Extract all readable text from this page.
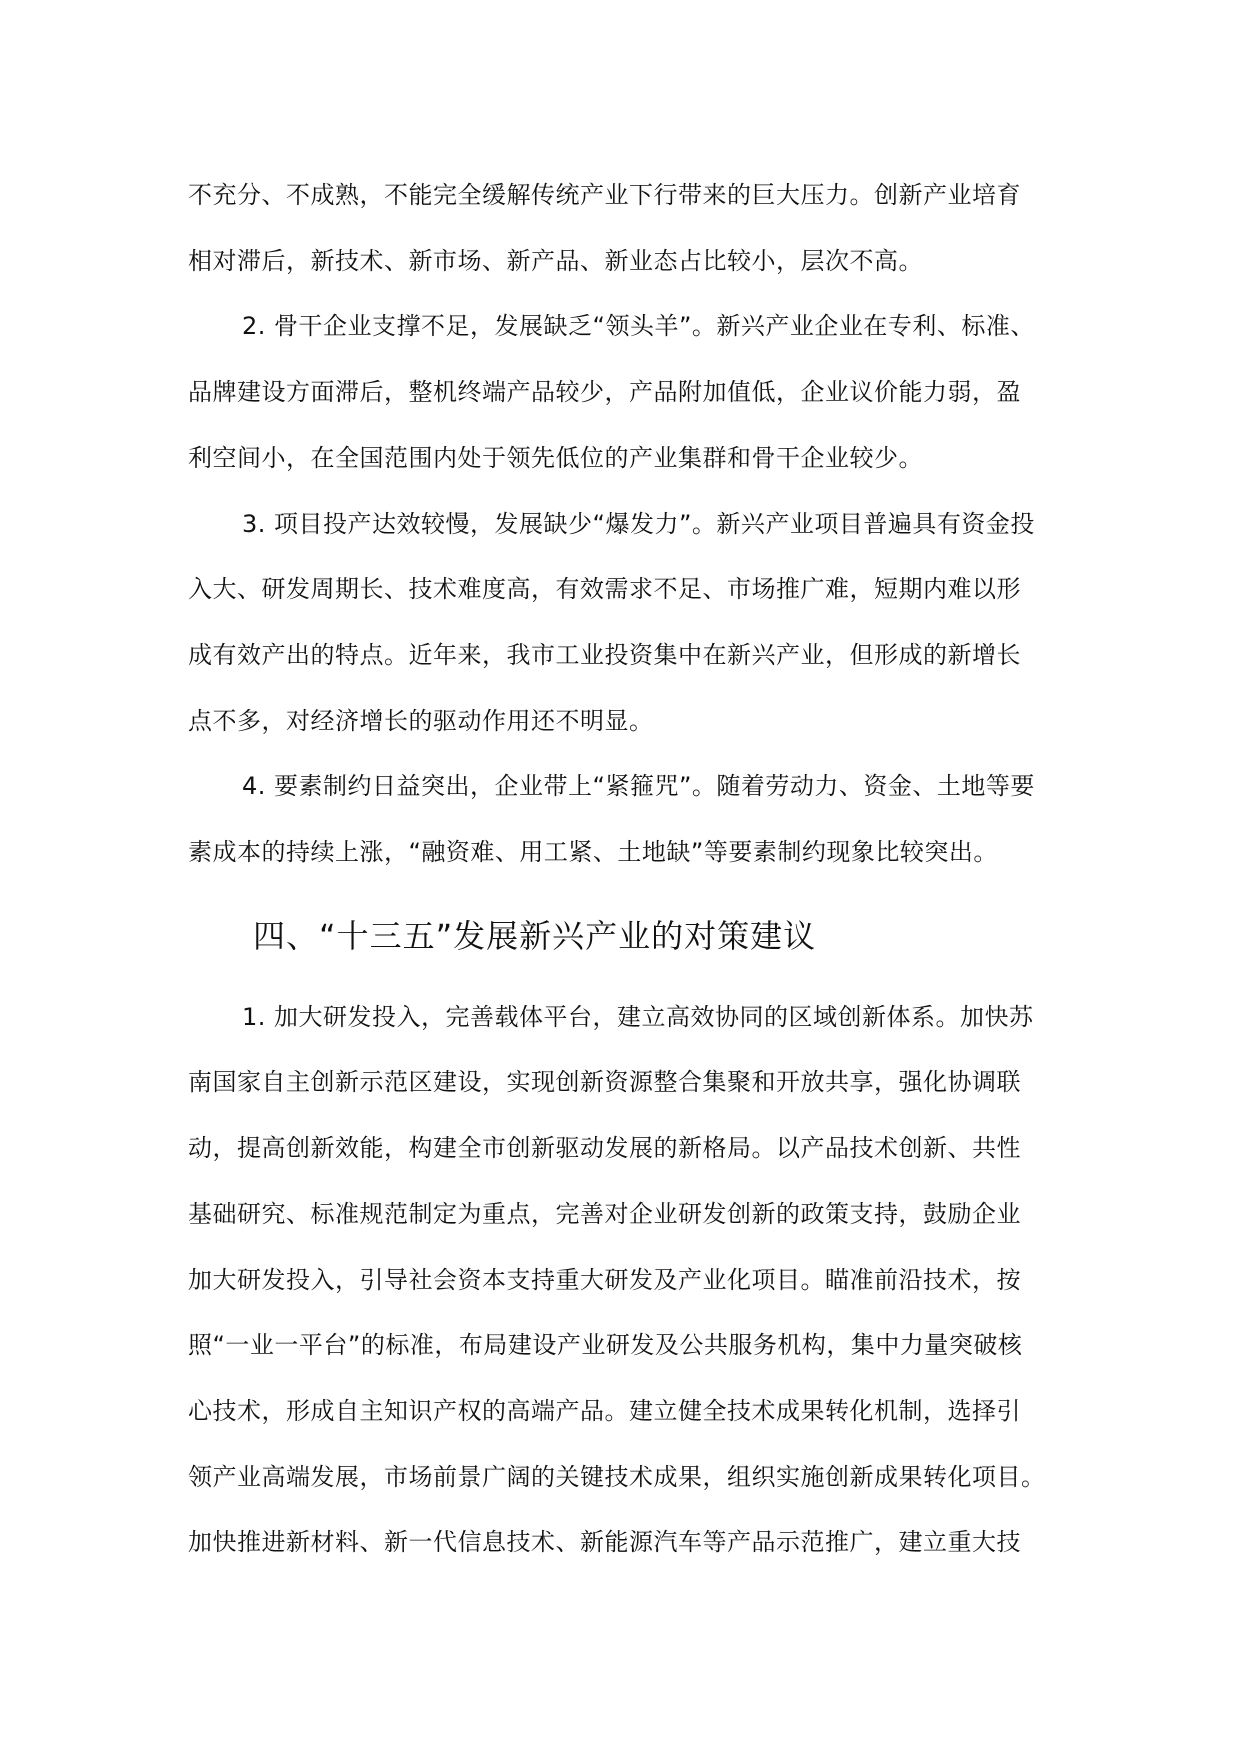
不充分、不成熟，不能完全缓解传统产业下行带来的巨大压力。创新产业培育

相对滞后，新技术、新市场、新产品、新业态占比较小，层次不高。

2. 骨干企业支撑不足，发展缺乏“领头羊”。新兴产业企业在专利、标准、

品牌建设方面滞后，整机终端产品较少，产品附加值低，企业议价能力弱，盈

利空间小，在全国范围内处于领先低位的产业集群和骨干企业较少。

3. 项目投产达效较慢，发展缺少“爆发力”。新兴产业项目普遍具有资金投

入大、研发周期长、技术难度高，有效需求不足、市场推广难，短期内难以形

成有效产出的特点。近年来，我市工业投资集中在新兴产业，但形成的新增长

点不多，对经济增长的驱动作用还不明显。

4. 要素制约日益突出，企业带上“紧箍咒”。随着劳动力、资金、土地等要

素成本的持续上涨，“融资难、用工紧、土地缺”等要素制约现象比较突出。

四、“十三五”发展新兴产业的对策建议

1. 加大研发投入，完善载体平台，建立高效协同的区域创新体系。加快苏

南国家自主创新示范区建设，实现创新资源整合集聚和开放共享，强化协调联

动，提高创新效能，构建全市创新驱动发展的新格局。以产品技术创新、共性

基础研究、标准规范制定为重点，完善对企业研发创新的政策支持，鼓励企业

加大研发投入，引导社会资本支持重大研发及产业化项目。瞄准前沿技术，按

照“一业一平台”的标准，布局建设产业研发及公共服务机构，集中力量突破核

心技术，形成自主知识产权的高端产品。建立健全技术成果转化机制，选择引

领产业高端发展，市场前景广阔的关键技术成果，组织实施创新成果转化项目。

加快推进新材料、新一代信息技术、新能源汽车等产品示范推广，建立重大技
